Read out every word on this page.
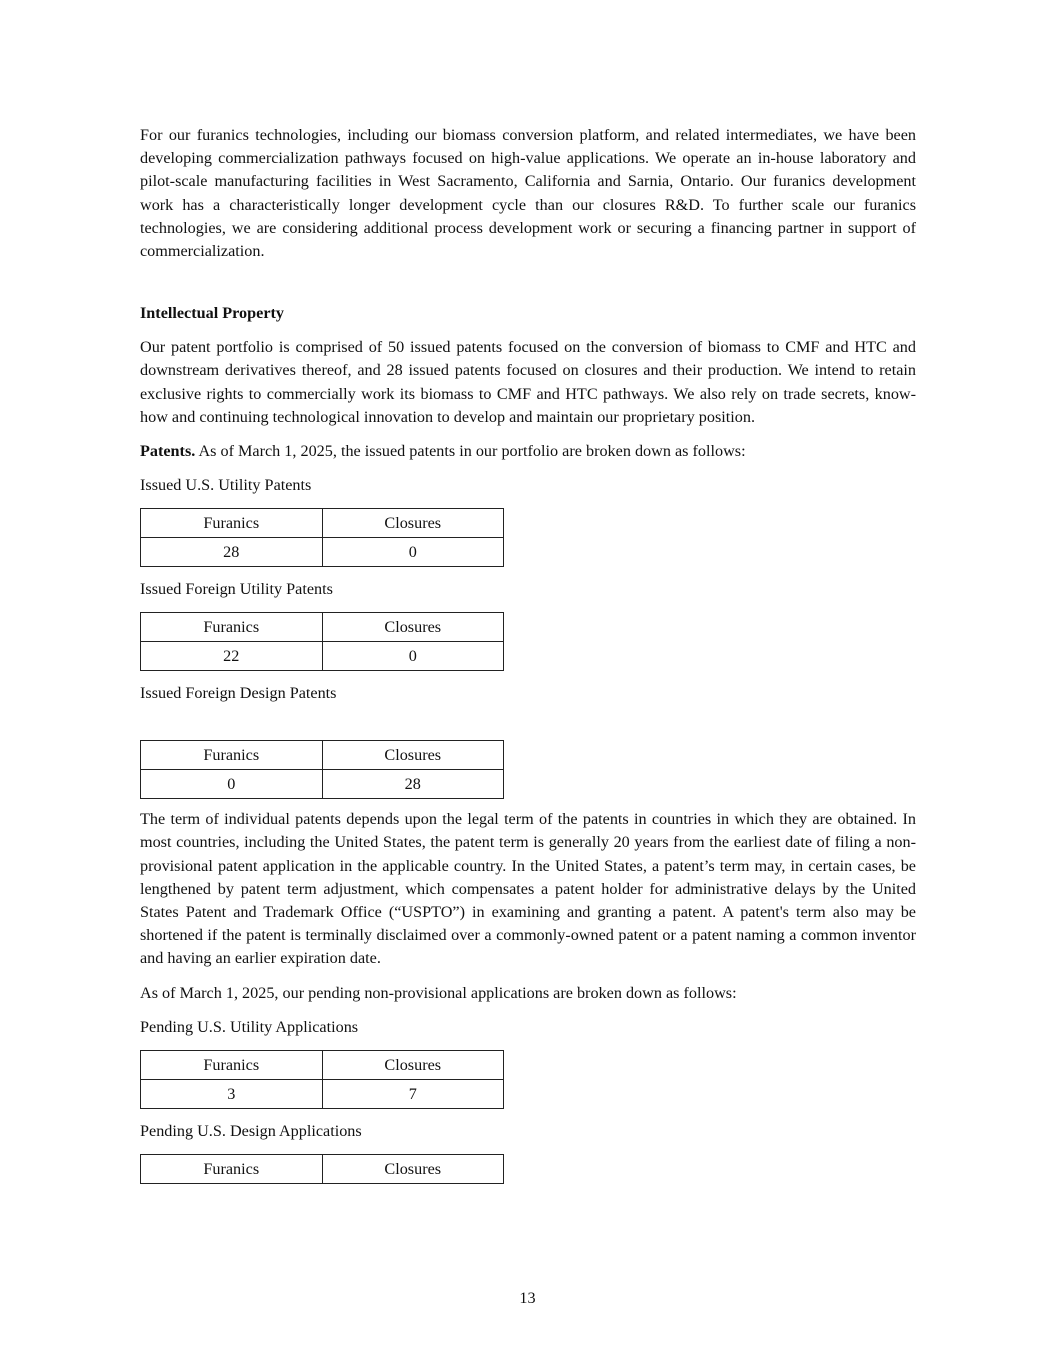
For our furanics technologies, including our biomass conversion platform, and related intermediates, we have been developing commercialization pathways focused on high-value applications. We operate an in-house laboratory and pilot-scale manufacturing facilities in West Sacramento, California and Sarnia, Ontario. Our furanics development work has a characteristically longer development cycle than our closures R&D. To further scale our furanics technologies, we are considering additional process development work or securing a financing partner in support of commercialization.

Intellectual Property

Our patent portfolio is comprised of 50 issued patents focused on the conversion of biomass to CMF and HTC and downstream derivatives thereof, and 28 issued patents focused on closures and their production. We intend to retain exclusive rights to commercially work its biomass to CMF and HTC pathways. We also rely on trade secrets, know-how and continuing technological innovation to develop and maintain our proprietary position.

Patents. As of March 1, 2025, the issued patents in our portfolio are broken down as follows:

Issued U.S. Utility Patents

Furanics	Closures
28	0

Issued Foreign Utility Patents

Furanics	Closures
22	0

Issued Foreign Design Patents

Furanics	Closures
0	28

The term of individual patents depends upon the legal term of the patents in countries in which they are obtained. In most countries, including the United States, the patent term is generally 20 years from the earliest date of filing a non-provisional patent application in the applicable country. In the United States, a patent’s term may, in certain cases, be lengthened by patent term adjustment, which compensates a patent holder for administrative delays by the United States Patent and Trademark Office (“USPTO”) in examining and granting a patent. A patent's term also may be shortened if the patent is terminally disclaimed over a commonly-owned patent or a patent naming a common inventor and having an earlier expiration date.

As of March 1, 2025, our pending non-provisional applications are broken down as follows:

Pending U.S. Utility Applications

Furanics	Closures
3	7

Pending U.S. Design Applications

Furanics	Closures
13
